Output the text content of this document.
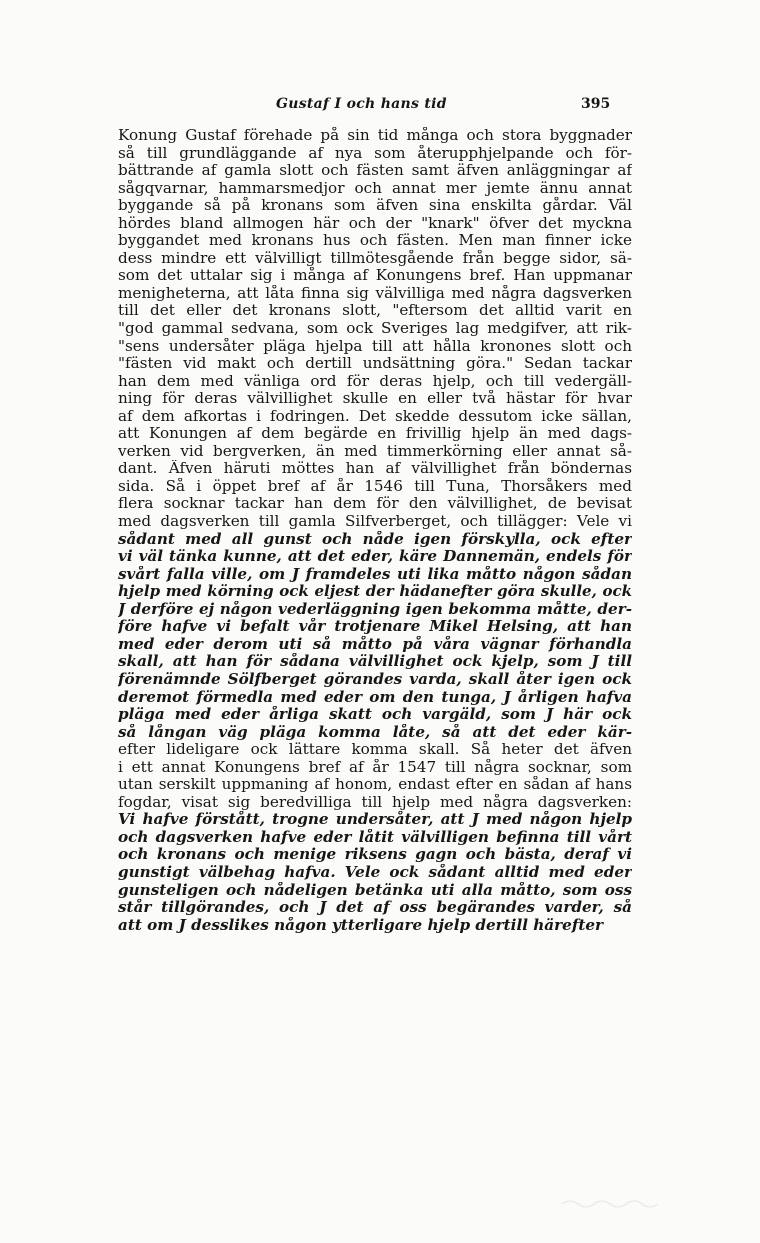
Gustaf I och hans tid	395
Konung Gustaf förehade på sin tid många och stora byggnader
så till grundläggande af nya som återupphjelpande och för-
bättrande af gamla slott och fästen samt äfven anläggningar af
sågqvarnar, hammarsmedjor och annat mer jemte ännu annat
byggande så på kronans som äfven sina enskilta gårdar. Väl
hördes bland allmogen här och der "knark" öfver det myckna
byggandet med kronans hus och fästen. Men man finner icke
dess mindre ett välvilligt tillmötesgående från begge sidor, sä-
som det uttalar sig i många af Konungens bref. Han uppmanar
menigheterna, att låta finna sig välvilliga med några dagsverken
till det eller det kronans slott, "eftersom det alltid varit en
"god gammal sedvana, som ock Sveriges lag medgifver, att rik-
"sens undersåter pläga hjelpa till att hålla kronones slott och
"fästen vid makt och dertill undsättning göra." Sedan tackar
han dem med vänliga ord för deras hjelp, och till vedergäll-
ning för deras välvillighet skulle en eller två hästar för hvar
af dem afkortas i fodringen. Det skedde dessutom icke sällan,
att Konungen af dem begärde en frivillig hjelp än med dags-
verken vid bergverken, än med timmerkörning eller annat så-
dant. Äfven häruti möttes han af välvillighet från böndernas
sida. Så i öppet bref af år 1546 till Tuna, Thorsåkers med
flera socknar tackar han dem för den välvillighet, de bevisat
med dagsverken till gamla Silfverberget, och tillägger: Vele vi
sådant med all gunst och nåde igen förskylla, ock efter
vi väl tänka kunne, att det eder, käre Dannemän, endels för
svårt falla ville, om J framdeles uti lika måtto någon sådan
hjelp med körning ock eljest der hädanefter göra skulle, ock
J derföre ej någon vederläggning igen bekomma måtte, der-
före hafve vi befalt vår trotjenare Mikel Helsing, att han
med eder derom uti så måtto på våra vägnar förhandla
skall, att han för sådana välvillighet ock kjelp, som J till
förenämnde Sölfberget görandes varda, skall åter igen ock
deremot förmedla med eder om den tunga, J årligen hafva
pläga med eder årliga skatt och vargäld, som J här ock
så långan väg pläga komma låte, så att det eder kär-
efter lideligare ock lättare komma skall. Så heter det äfven
i ett annat Konungens bref af år 1547 till några socknar, som
utan serskilt uppmaning af honom, endast efter en sådan af hans
fogdar, visat sig beredvilliga till hjelp med några dagsverken:
Vi hafve förstått, trogne undersåter, att J med någon hjelp
och dagsverken hafve eder låtit välvilligen befinna till vårt
och kronans och menige riksens gagn och bästa, deraf vi
gunstigt välbehag hafva. Vele ock sådant alltid med eder
gunsteligen och nådeligen betänka uti alla måtto, som oss
står tillgörandes, och J det af oss begärandes varder, så
att om J desslikes någon ytterligare hjelp dertill härefter
